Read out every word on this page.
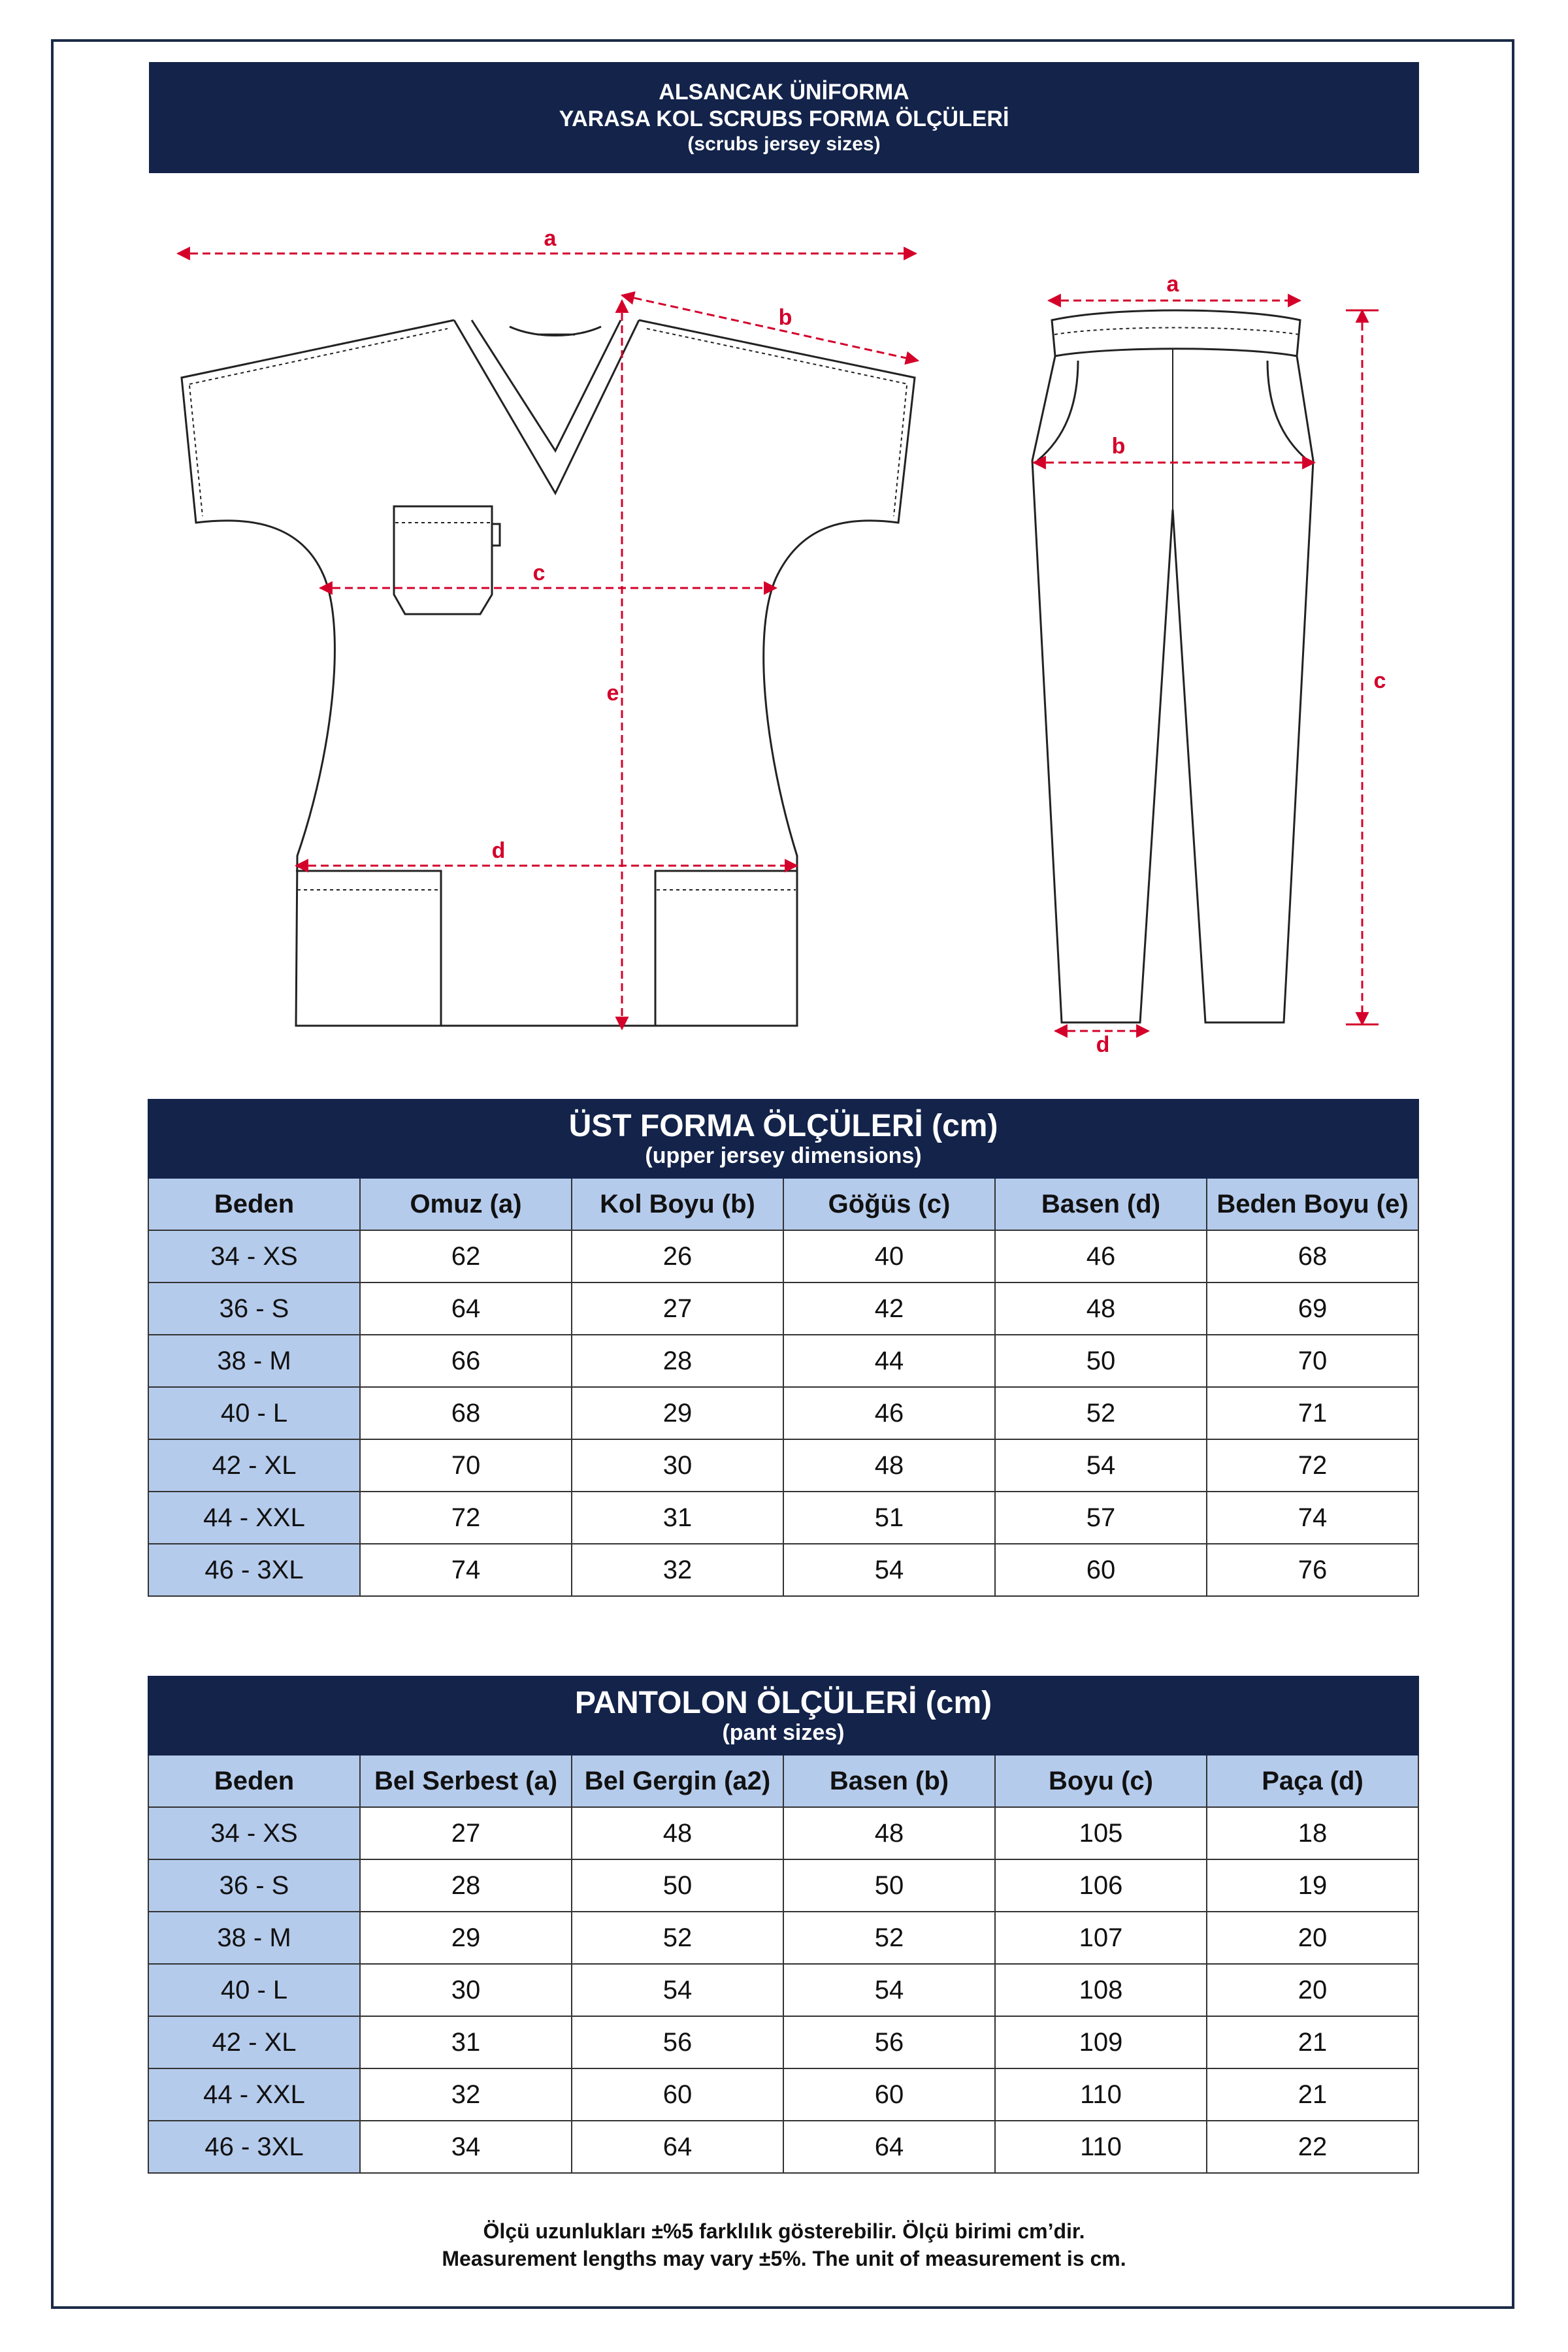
ALSANCAK ÜNİFORMA
YARASA KOL SCRUBS FORMA ÖLÇÜLERİ
(scrubs jersey sizes)
a
b
c
d
e
a
b
c
d
ÜST FORMA ÖLÇÜLERİ (cm)
(upper jersey dimensions)					

Beden	Omuz (a)	Kol Boyu (b)	Göğüs (c)	Basen (d)	Beden Boyu (e)
34 - XS	62	26	40	46	68
36 - S	64	27	42	48	69
38 - M	66	28	44	50	70
40 - L	68	29	46	52	71
42 - XL	70	30	48	54	72
44 - XXL	72	31	51	57	74
46 - 3XL	74	32	54	60	76
PANTOLON ÖLÇÜLERİ (cm)
(pant sizes)					

Beden	Bel Serbest (a)	Bel Gergin (a2)	Basen (b)	Boyu (c)	Paça (d)
34 - XS	27	48	48	105	18
36 - S	28	50	50	106	19
38 - M	29	52	52	107	20
40 - L	30	54	54	108	20
42 - XL	31	56	56	109	21
44 - XXL	32	60	60	110	21
46 - 3XL	34	64	64	110	22
Ölçü uzunlukları ±%5 farklılık gösterebilir. Ölçü birimi cm’dir.
Measurement lengths may vary ±5%. The unit of measurement is cm.
